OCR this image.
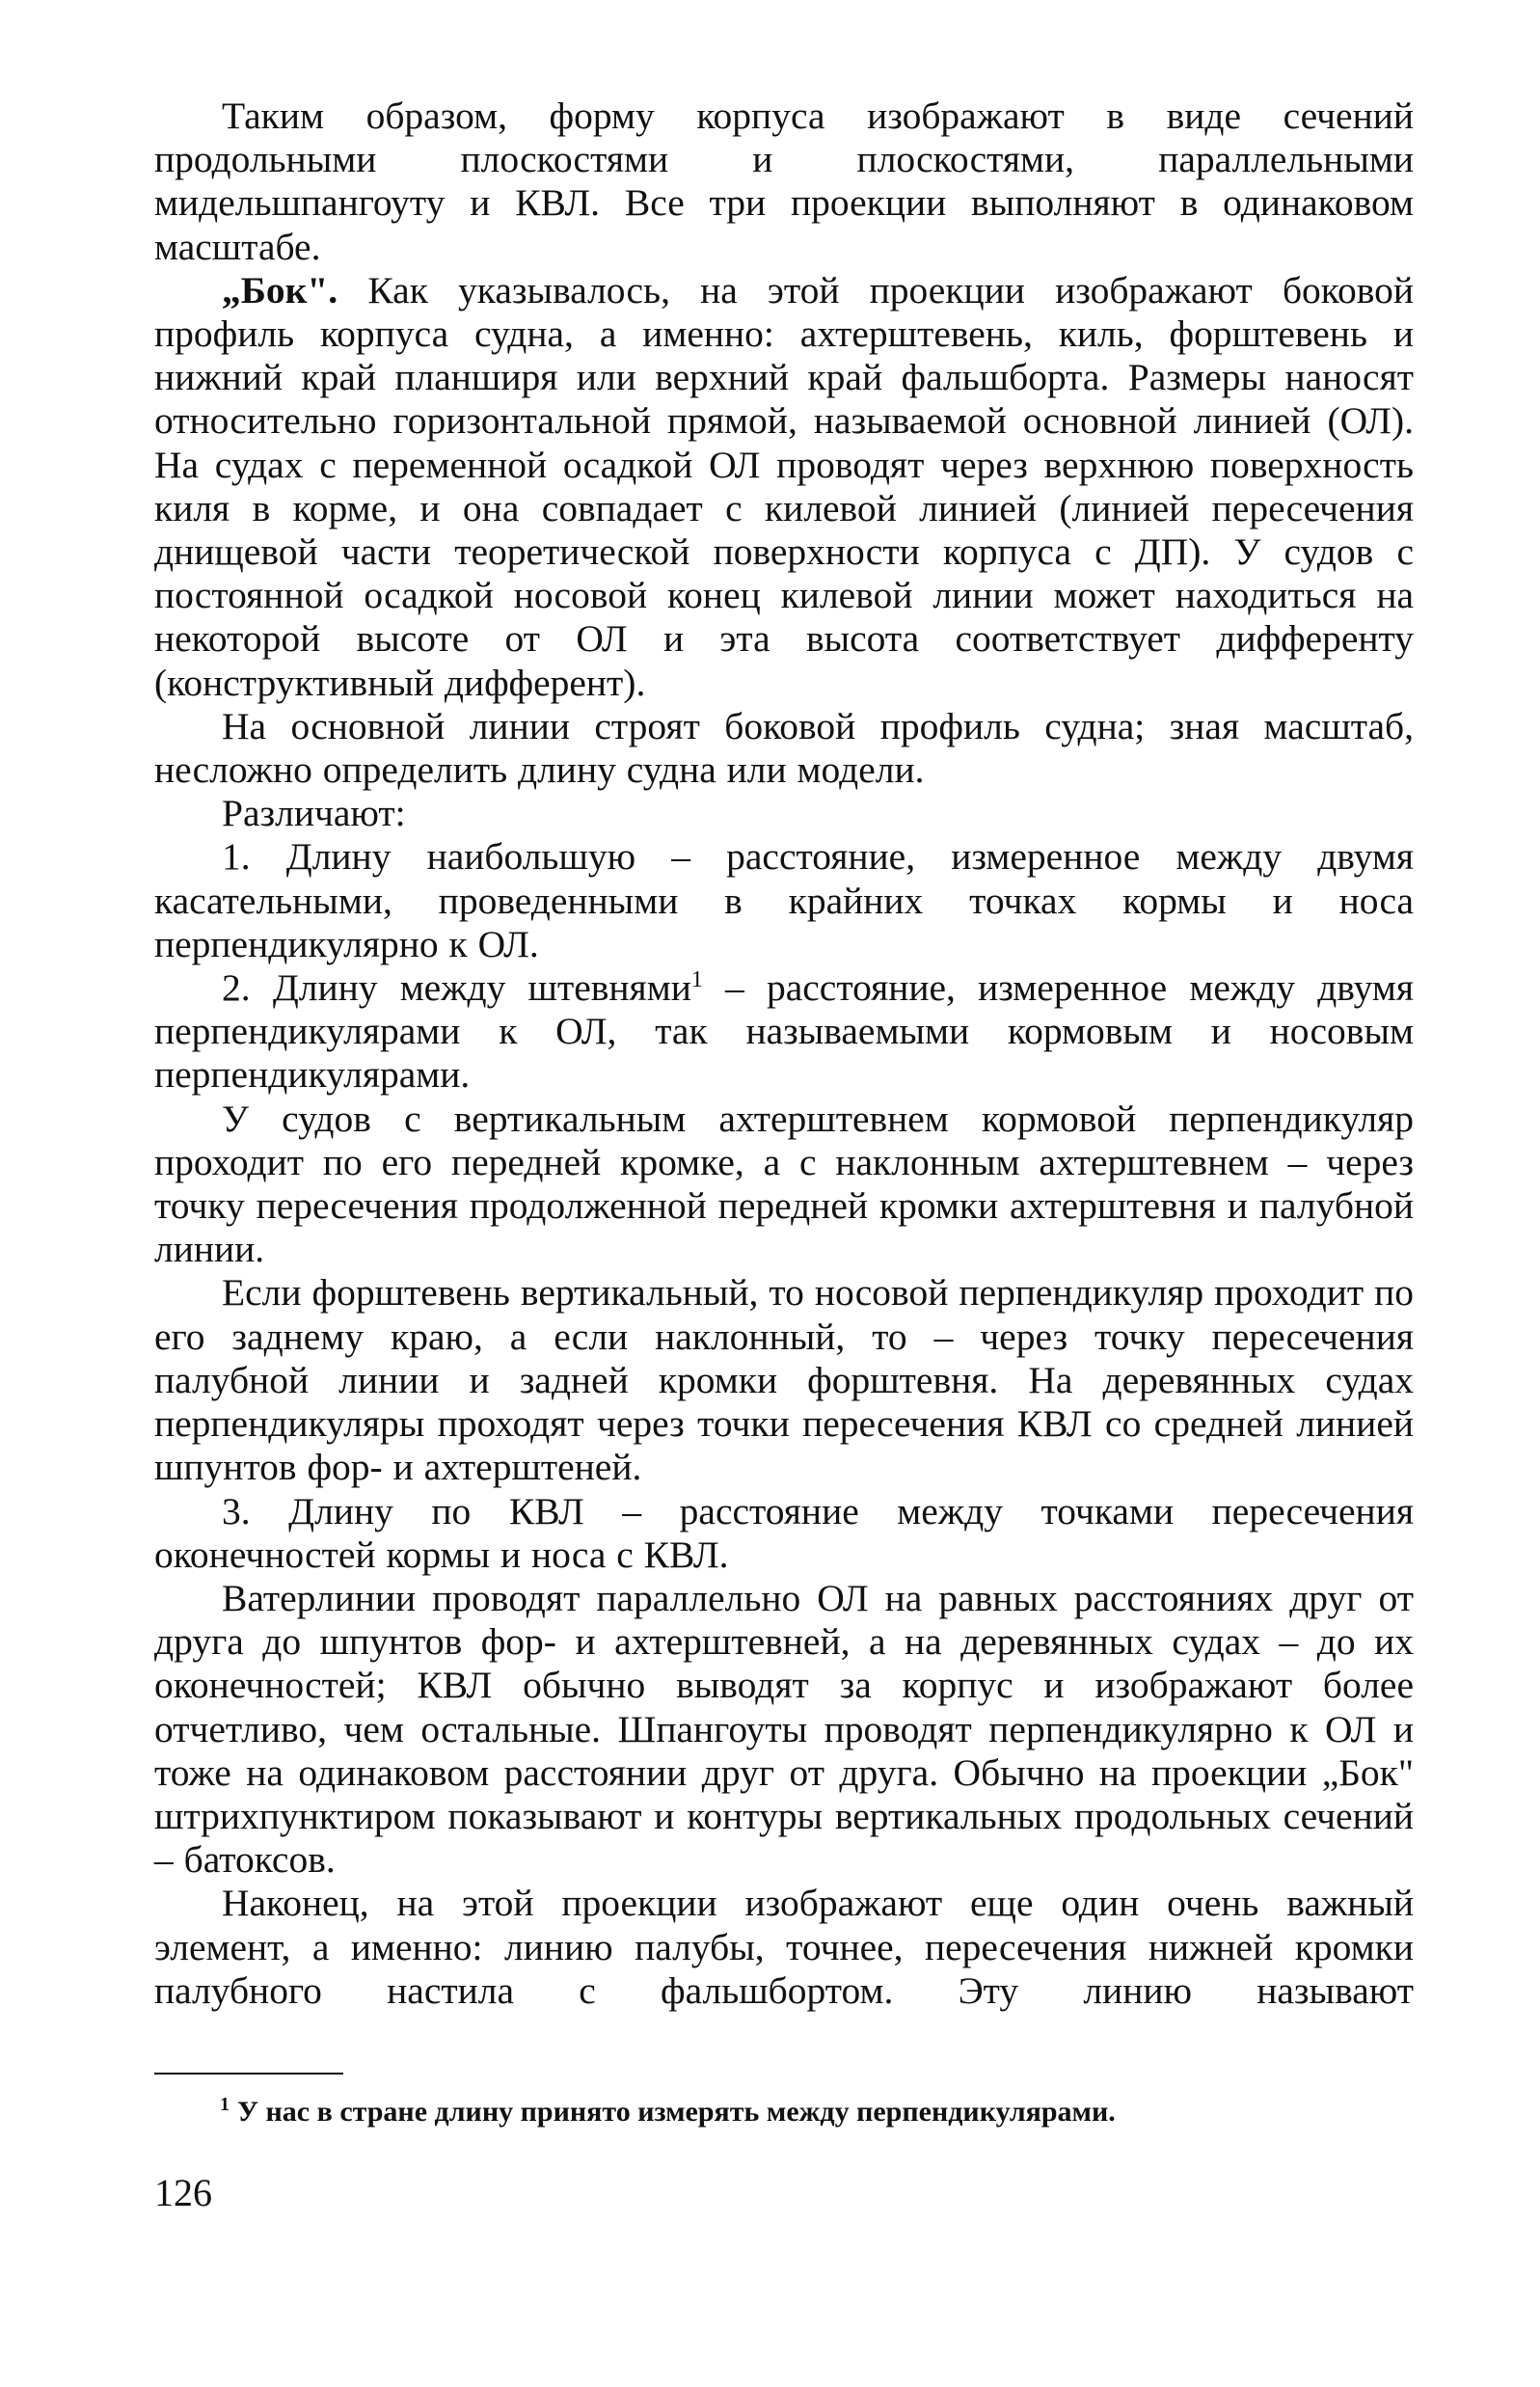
Таким образом, форму корпуса изображают в виде сечений продольными плоскостями и плоскостями, параллельными мидельшпангоуту и КВЛ. Все три проекции выполняют в одинаковом масштабе.

„Бок". Как указывалось, на этой проекции изображают боковой профиль корпуса судна, а именно: ахтерштевень, киль, форштевень и нижний край планширя или верхний край фальшборта. Размеры наносят относительно горизонтальной прямой, называемой основной линией (ОЛ). На судах с переменной осадкой ОЛ проводят через верхнюю поверхность киля в корме, и она совпадает с килевой линией (линией пересечения днищевой части теоретической поверхности корпуса с ДП). У судов с постоянной осадкой носовой конец килевой линии может находиться на некоторой высоте от ОЛ и эта высота соответствует дифференту (конструктивный дифферент).

На основной линии строят боковой профиль судна; зная масштаб, несложно определить длину судна или модели.

Различают:

1. Длину наибольшую – расстояние, измеренное между двумя касательными, проведенными в крайних точках кормы и носа перпендикулярно к ОЛ.

2. Длину между штевнями$^1$ – расстояние, измеренное между двумя перпендикулярами к ОЛ, так называемыми кормовым и носовым перпендикулярами.

У судов с вертикальным ахтерштевнем кормовой перпендикуляр проходит по его передней кромке, а с наклонным ахтерштевнем – через точку пересечения продолженной передней кромки ахтерштевня и палубной линии.

Если форштевень вертикальный, то носовой перпендикуляр проходит по его заднему краю, а если наклонный, то – через точку пересечения палубной линии и задней кромки форштевня. На деревянных судах перпендикуляры проходят через точки пересечения КВЛ со средней линией шпунтов фор- и ахтерштеней.

3. Длину по КВЛ – расстояние между точками пересечения оконечностей кормы и носа с КВЛ.

Ватерлинии проводят параллельно ОЛ на равных расстояниях друг от друга до шпунтов фор- и ахтерштевней, а на деревянных судах – до их оконечностей; КВЛ обычно выводят за корпус и изображают более отчетливо, чем остальные. Шпангоуты проводят перпендикулярно к ОЛ и тоже на одинаковом расстоянии друг от друга. Обычно на проекции „Бок" штрихпунктиром показывают и контуры вертикальных продольных сечений – батоксов.

Наконец, на этой проекции изображают еще один очень важный элемент, а именно: линию палубы, точнее, пересечения нижней кромки палубного настила с фальшбортом. Эту линию называют

$^1$ У нас в стране длину принято измерять между перпендикулярами.

126
